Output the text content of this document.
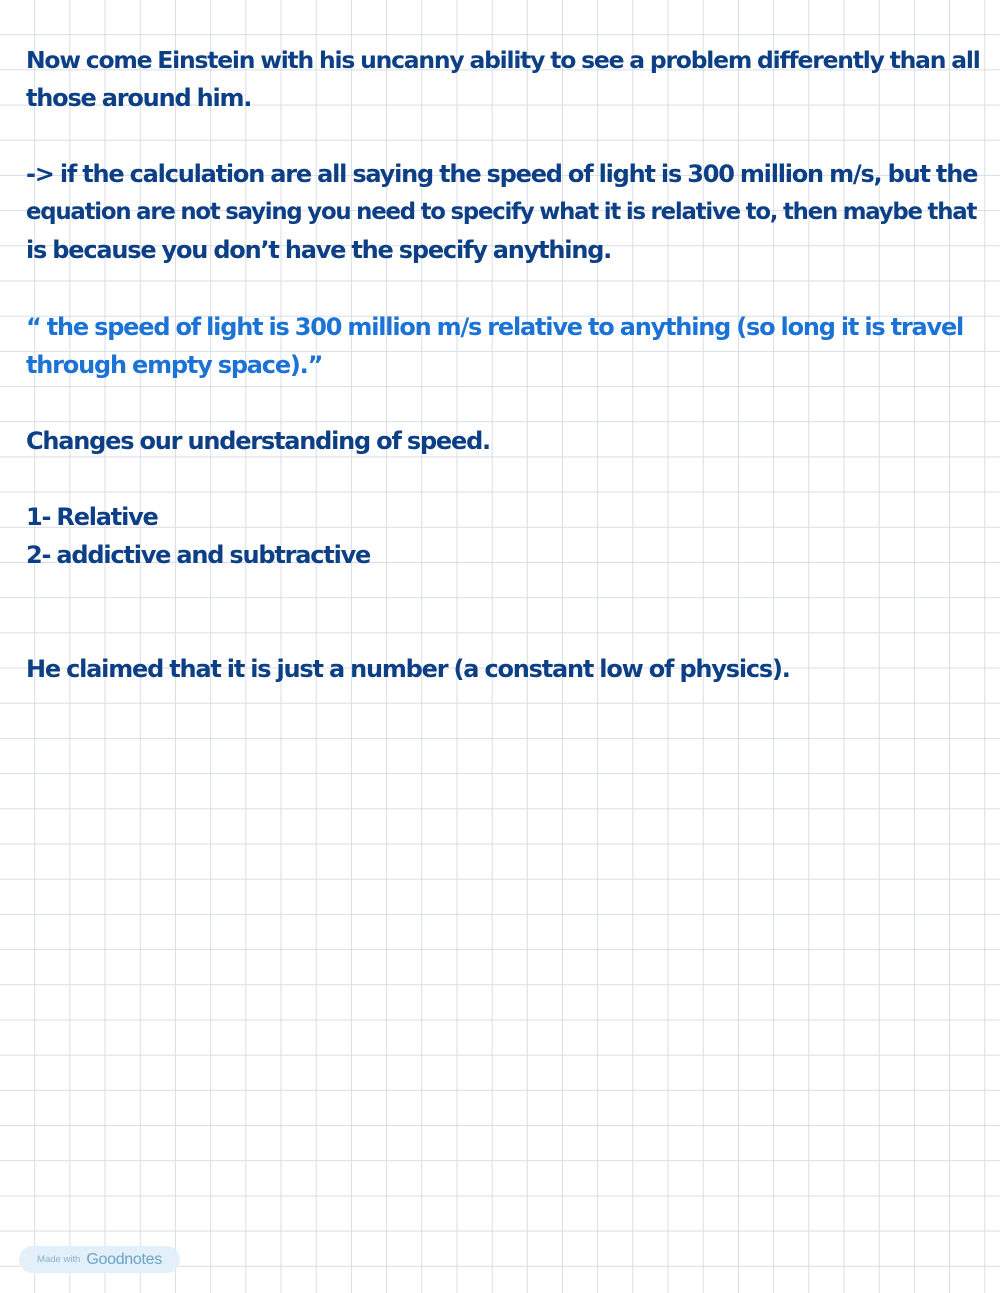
Now come Einstein with his uncanny ability to see a problem differently than all
those around him.

-> if the calculation are all saying the speed of light is 300 million m/s, but the
equation are not saying you need to specify what it is relative to, then maybe that
is because you don’t have the specify anything.

“ the speed of light is 300 million m/s relative to anything (so long it is travel
through empty space).”

Changes our understanding of speed.

1- Relative
2- addictive and subtractive

He claimed that it is just a number (a constant low of physics).

Made with Goodnotes
